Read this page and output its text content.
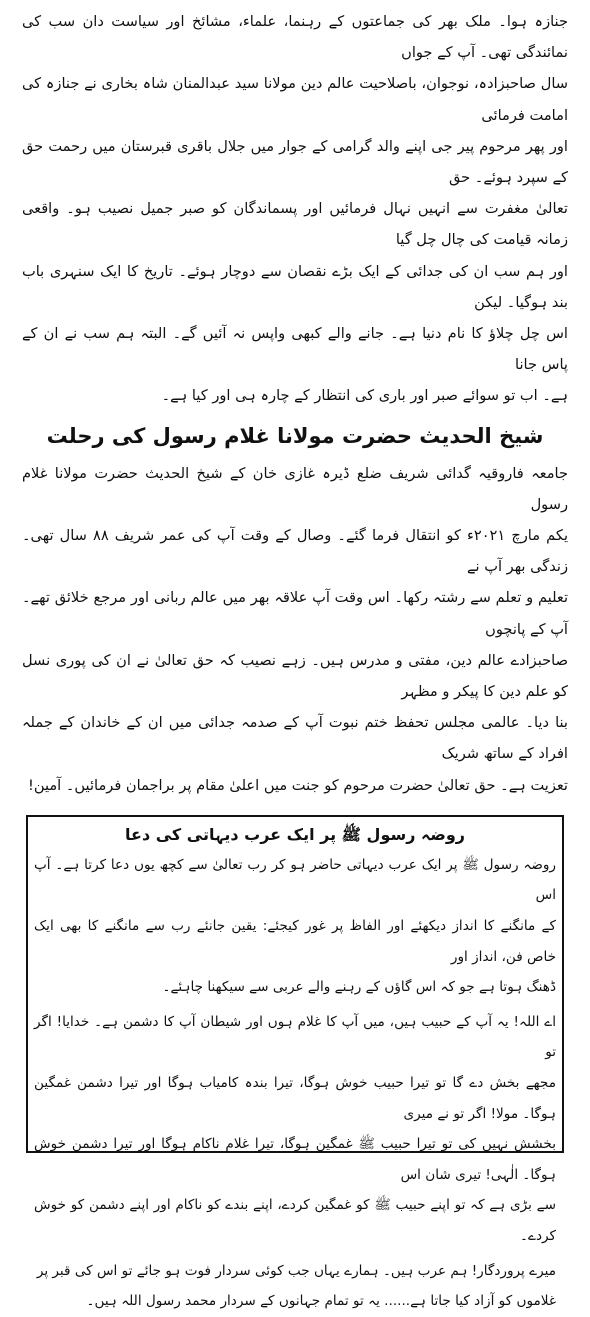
جنازہ ہوا۔ ملک بھر کی جماعتوں کے رہنما، علماء، مشائخ اور سیاست دان سب کی نمائندگی تھی۔ آپ کے جواں
سال صاحبزادہ، نوجوان، باصلاحیت عالم دین مولانا سید عبدالمنان شاہ بخاری نے جنازہ کی امامت فرمائی
اور پھر مرحوم پیر جی اپنے والد گرامی کے جوار میں جلال باقری قبرستان میں رحمت حق کے سپرد ہوئے۔ حق
تعالیٰ مغفرت سے انہیں نہال فرمائیں اور پسماندگان کو صبر جمیل نصیب ہو۔ واقعی زمانہ قیامت کی چال چل گیا
اور ہم سب ان کی جدائی کے ایک بڑے نقصان سے دوچار ہوئے۔ تاریخ کا ایک سنہری باب بند ہوگیا۔ لیکن
اس چل چلاؤ کا نام دنیا ہے۔ جانے والے کبھی واپس نہ آئیں گے۔ البتہ ہم سب نے ان کے پاس جانا
ہے۔ اب تو سوائے صبر اور باری کی انتظار کے چارہ ہی اور کیا ہے۔

شیخ الحدیث حضرت مولانا غلام رسول کی رحلت

جامعہ فاروقیہ گدائی شریف ضلع ڈیرہ غازی خان کے شیخ الحدیث حضرت مولانا غلام رسول
یکم مارچ ۲۰۲۱ء کو انتقال فرما گئے۔ وصال کے وقت آپ کی عمر شریف ۸۸ سال تھی۔ زندگی بھر آپ نے
تعلیم و تعلم سے رشتہ رکھا۔ اس وقت آپ علاقہ بھر میں عالم ربانی اور مرجع خلائق تھے۔ آپ کے پانچوں
صاحبزادے عالم دین، مفتی و مدرس ہیں۔ زہے نصیب کہ حق تعالیٰ نے ان کی پوری نسل کو علم دین کا پیکر و مظہر
بنا دیا۔ عالمی مجلس تحفظ ختم نبوت آپ کے صدمہ جدائی میں ان کے خاندان کے جملہ افراد کے ساتھ شریک
تعزیت ہے۔ حق تعالیٰ حضرت مرحوم کو جنت میں اعلیٰ مقام پر براجمان فرمائیں۔ آمین!

روضہ رسول ﷺ پر ایک عرب دیہاتی کی دعا

روضہ رسول ﷺ پر ایک عرب دیہاتی حاضر ہو کر رب تعالیٰ سے کچھ یوں دعا کرتا ہے۔ آپ اس
کے مانگنے کا انداز دیکھئے اور الفاظ پر غور کیجئے: یقین جانئے رب سے مانگنے کا بھی ایک خاص فن، انداز اور
ڈھنگ ہوتا ہے جو کہ اس گاؤں کے رہنے والے عربی سے سیکھنا چاہئے۔

اے اللہ! یہ آپ کے حبیب ہیں، میں آپ کا غلام ہوں اور شیطان آپ کا دشمن ہے۔ خدایا! اگر تو
مجھے بخش دے گا تو تیرا حبیب خوش ہوگا، تیرا بندہ کامیاب ہوگا اور تیرا دشمن غمگین ہوگا۔ مولا! اگر تو نے میری
بخشش نہیں کی تو تیرا حبیب ﷺ غمگین ہوگا، تیرا غلام ناکام ہوگا اور تیرا دشمن خوش ہوگا۔ الٰہی! تیری شان اس
سے بڑی ہے کہ تو اپنے حبیب ﷺ کو غمگین کردے، اپنے بندے کو ناکام اور اپنے دشمن کو خوش کردے۔

میرے پروردگار! ہم عرب ہیں۔ ہمارے یہاں جب کوئی سردار فوت ہو جائے تو اس کی قبر پر
غلاموں کو آزاد کیا جاتا ہے...... یہ تو تمام جہانوں کے سردار محمد رسول اللہ ہیں۔
